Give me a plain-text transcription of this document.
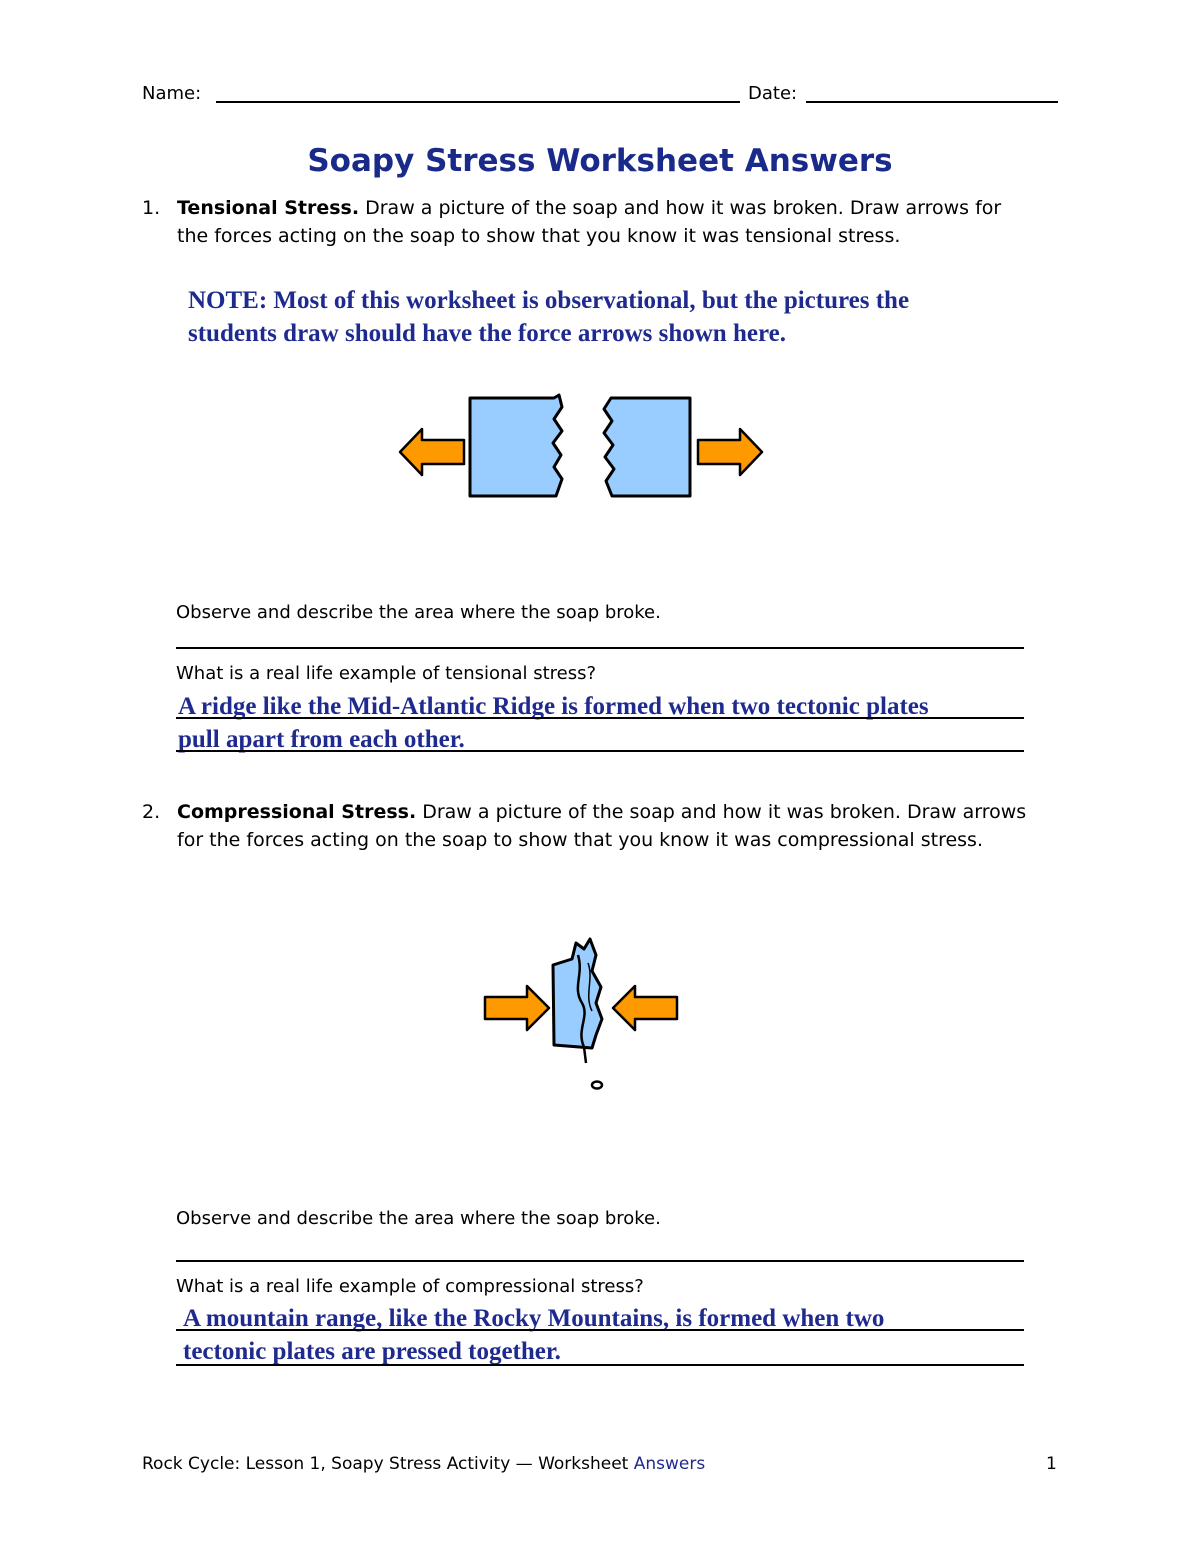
Name:	Date:
Soapy Stress Worksheet Answers
1. Tensional Stress. Draw a picture of the soap and how it was broken. Draw arrows for
the forces acting on the soap to show that you know it was tensional stress.
NOTE: Most of this worksheet is observational, but the pictures the
students draw should have the force arrows shown here.
Observe and describe the area where the soap broke.
What is a real life example of tensional stress?
A ridge like the Mid-Atlantic Ridge is formed when two tectonic plates
pull apart from each other.
2. Compressional Stress. Draw a picture of the soap and how it was broken. Draw arrows
for the forces acting on the soap to show that you know it was compressional stress.
Observe and describe the area where the soap broke.
What is a real life example of compressional stress?
A mountain range, like the Rocky Mountains, is formed when two
tectonic plates are pressed together.
Rock Cycle: Lesson 1, Soapy Stress Activity — Worksheet Answers	1
